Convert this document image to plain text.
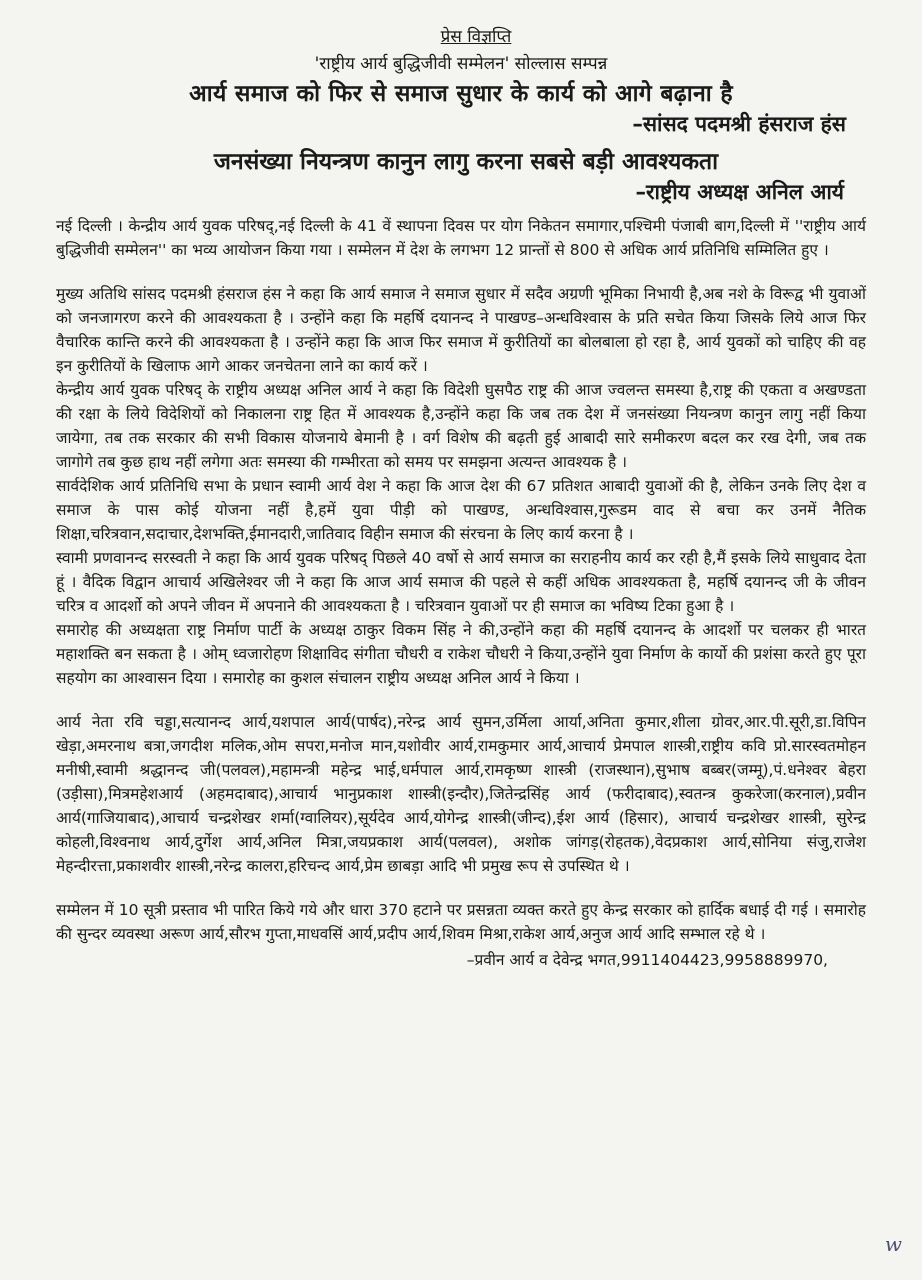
प्रेस विज्ञप्ति
'राष्ट्रीय आर्य बुद्धिजीवी सम्मेलन' सोल्लास सम्पन्न
आर्य समाज को फिर से समाज सुधार के कार्य को आगे बढ़ाना है
–सांसद पदमश्री हंसराज हंस
जनसंख्या नियन्त्रण कानुन लागु करना सबसे बड़ी आवश्यकता
–राष्ट्रीय अध्यक्ष अनिल आर्य

नई दिल्ली । केन्द्रीय आर्य युवक परिषद्,नई दिल्ली के 41 वें स्थापना दिवस पर योग निकेतन समागार,पश्चिमी पंजाबी बाग,दिल्ली में ''राष्ट्रीय आर्य बुद्धिजीवी सम्मेलन'' का भव्य आयोजन किया गया । सम्मेलन में देश के लगभग 12 प्रान्तों से 800 से अधिक आर्य प्रतिनिधि सम्मिलित हुए ।

मुख्य अतिथि सांसद पदमश्री हंसराज हंस ने कहा कि आर्य समाज ने समाज सुधार में सदैव अग्रणी भूमिका निभायी है,अब नशे के विरूद्व भी युवाओं को जनजागरण करने की आवश्यकता है । उन्होंने कहा कि महर्षि दयानन्द ने पाखण्ड–अन्धविश्वास के प्रति सचेत किया जिसके लिये आज फिर वैचारिक कान्ति करने की आवश्यकता है । उन्होंने कहा कि आज फिर समाज में कुरीतियों का बोलबाला हो रहा है, आर्य युवकों को चाहिए की वह इन कुरीतियों के खिलाफ आगे आकर जनचेतना लाने का कार्य करें ।

केन्द्रीय आर्य युवक परिषद् के राष्ट्रीय अध्यक्ष अनिल आर्य ने कहा कि विदेशी घुसपैठ राष्ट्र की आज ज्वलन्त समस्या है,राष्ट्र की एकता व अखण्डता की रक्षा के लिये विदेशियों को निकालना राष्ट्र हित में आवश्यक है,उन्होंने कहा कि जब तक देश में जनसंख्या नियन्त्रण कानुन लागु नहीं किया जायेगा, तब तक सरकार की सभी विकास योजनाये बेमानी है । वर्ग विशेष की बढ़ती हुई आबादी सारे समीकरण बदल कर रख देगी, जब तक जागोगे तब कुछ हाथ नहीं लगेगा अतः समस्या की गम्भीरता को समय पर समझना अत्यन्त आवश्यक है ।

सार्वदेशिक आर्य प्रतिनिधि सभा के प्रधान स्वामी आर्य वेश ने कहा कि आज देश की 67 प्रतिशत आबादी युवाओं की है, लेकिन उनके लिए देश व समाज के पास कोई योजना नहीं है,हमें युवा पीड़ी को पाखण्ड, अन्धविश्वास,गुरूडम वाद से बचा कर उनमें नैतिक शिक्षा,चरित्रवान,सदाचार,देशभक्ति,ईमानदारी,जातिवाद विहीन समाज की संरचना के लिए कार्य करना है ।

स्वामी प्रणवानन्द सरस्वती ने कहा कि आर्य युवक परिषद् पिछले 40 वर्षो से आर्य समाज का सराहनीय कार्य कर रही है,मैं इसके लिये साधुवाद देता हूं । वैदिक विद्वान आचार्य अखिलेश्वर जी ने कहा कि आज आर्य समाज की पहले से कहीं अधिक आवश्यकता है, महर्षि दयानन्द जी के जीवन चरित्र व आदर्शो को अपने जीवन में अपनाने की आवश्यकता है । चरित्रवान युवाओं पर ही समाज का भविष्य टिका हुआ है ।

समारोह की अध्यक्षता राष्ट्र निर्माण पार्टी के अध्यक्ष ठाकुर विकम सिंह ने की,उन्होंने कहा की महर्षि दयानन्द के आदर्शो पर चलकर ही भारत महाशक्ति बन सकता है । ओम् ध्वजारोहण शिक्षाविद संगीता चौधरी व राकेश चौधरी ने किया,उन्होंने युवा निर्माण के कार्यो की प्रशंसा करते हुए पूरा सहयोग का आश्वासन दिया । समारोह का कुशल संचालन राष्ट्रीय अध्यक्ष अनिल आर्य ने किया ।

आर्य नेता रवि चड्डा,सत्यानन्द आर्य,यशपाल आर्य(पार्षद),नरेन्द्र आर्य सुमन,उर्मिला आर्या,अनिता कुमार,शीला ग्रोवर,आर.पी.सूरी,डा.विपिन खेड़ा,अमरनाथ बत्रा,जगदीश मलिक,ओम सपरा,मनोज मान,यशोवीर आर्य,रामकुमार आर्य,आचार्य प्रेमपाल शास्त्री,राष्ट्रीय कवि प्रो.सारस्वतमोहन मनीषी,स्वामी श्रद्धानन्द जी(पलवल),महामन्त्री महेन्द्र भाई,धर्मपाल आर्य,रामकृष्ण शास्त्री (राजस्थान),सुभाष बब्बर(जम्मू),पं.धनेश्वर बेहरा (उड़ीसा),मित्रमहेशआर्य (अहमदाबाद),आचार्य भानुप्रकाश शास्त्री(इन्दौर),जितेन्द्रसिंह आर्य (फरीदाबाद),स्वतन्त्र कुकरेजा(करनाल),प्रवीन आर्य(गाजियाबाद),आचार्य चन्द्रशेखर शर्मा(ग्वालियर),सूर्यदेव आर्य,योगेन्द्र शास्त्री(जीन्द),ईश आर्य (हिसार), आचार्य चन्द्रशेखर शास्त्री, सुरेन्द्र कोहली,विश्वनाथ आर्य,दुर्गेश आर्य,अनिल मित्रा,जयप्रकाश आर्य(पलवल), अशोक जांगड़(रोहतक),वेदप्रकाश आर्य,सोनिया संजु,राजेश मेहन्दीरत्ता,प्रकाशवीर शास्त्री,नरेन्द्र कालरा,हरिचन्द आर्य,प्रेम छाबड़ा आदि भी प्रमुख रूप से उपस्थित थे ।

सम्मेलन में 10 सूत्री प्रस्ताव भी पारित किये गये और धारा 370 हटाने पर प्रसन्नता व्यक्त करते हुए केन्द्र सरकार को हार्दिक बधाई दी गई । समारोह की सुन्दर व्यवस्था अरूण आर्य,सौरभ गुप्ता,माधवसिं आर्य,प्रदीप आर्य,शिवम मिश्रा,राकेश आर्य,अनुज आर्य आदि सम्भाल रहे थे ।

–प्रवीन आर्य व देवेन्द्र भगत,9911404423,9958889970,
w
